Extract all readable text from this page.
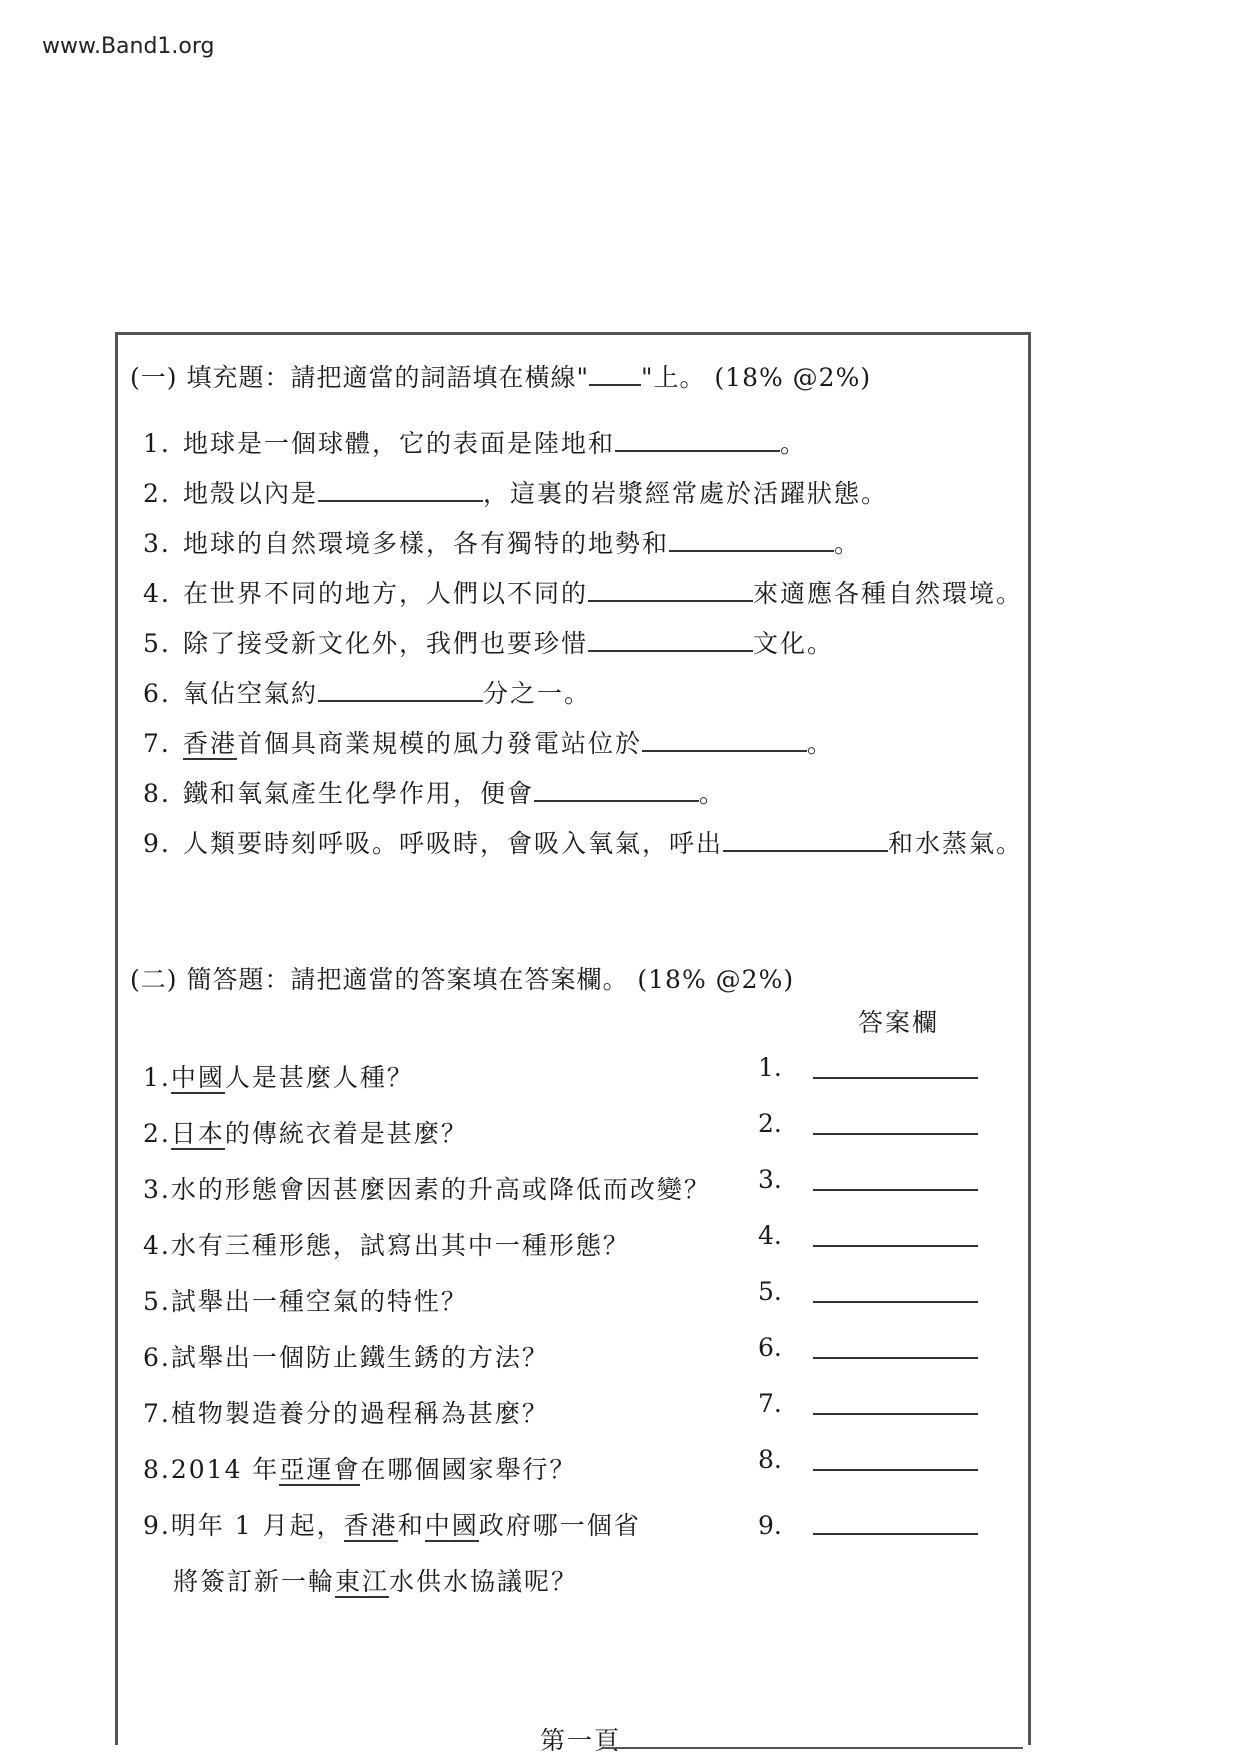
www.Band1.org
(一) 填充題：請把適當的詞語填在橫線" "上。 (18% @2%)
1. 地球是一個球體，它的表面是陸地和	。
2. 地殼以內是	，這裏的岩漿經常處於活躍狀態。
3. 地球的自然環境多樣，各有獨特的地勢和	。
4. 在世界不同的地方，人們以不同的	來適應各種自然環境。
5. 除了接受新文化外，我們也要珍惜	文化。
6. 氧佔空氣約	分之一。
7. 香港首個具商業規模的風力發電站位於	。
8. 鐵和氧氣產生化學作用，便會	。
9. 人類要時刻呼吸。呼吸時，會吸入氧氣，呼出	和水蒸氣。
(二) 簡答題：請把適當的答案填在答案欄。 (18% @2%)
答案欄
1.中國人是甚麼人種？	1.
2.日本的傳統衣着是甚麼？	2.
3.水的形態會因甚麼因素的升高或降低而改變？ 3.
4.水有三種形態，試寫出其中一種形態？	4.
5.試舉出一種空氣的特性？	5.
6.試舉出一個防止鐵生銹的方法？	6.
7.植物製造養分的過程稱為甚麼？	7.
8.2014 年亞運會在哪個國家舉行？	8.
9.明年 1 月起，香港和中國政府哪一個省
將簽訂新一輪東江水供水協議呢？
9.
第一頁
